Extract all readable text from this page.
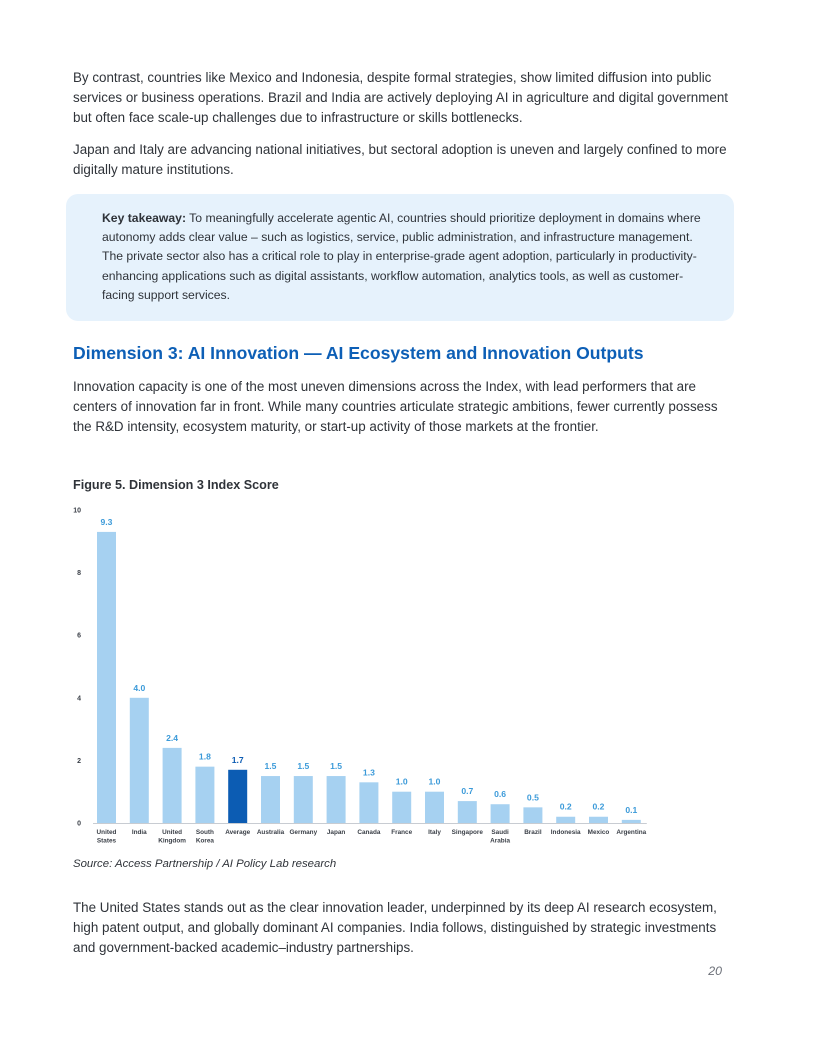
By contrast, countries like Mexico and Indonesia, despite formal strategies, show limited diffusion into public services or business operations. Brazil and India are actively deploying AI in agriculture and digital government but often face scale-up challenges due to infrastructure or skills bottlenecks.

Japan and Italy are advancing national initiatives, but sectoral adoption is uneven and largely confined to more digitally mature institutions.

Key takeaway: To meaningfully accelerate agentic AI, countries should prioritize deployment in domains where autonomy adds clear value – such as logistics, service, public administration, and infrastructure management. The private sector also has a critical role to play in enterprise-grade agent adoption, particularly in productivity-enhancing applications such as digital assistants, workflow automation, analytics tools, as well as customer-facing support services.

Dimension 3: AI Innovation — AI Ecosystem and Innovation Outputs

Innovation capacity is one of the most uneven dimensions across the Index, with lead performers that are centers of innovation far in front. While many countries articulate strategic ambitions, fewer currently possess the R&D intensity, ecosystem maturity, or start-up activity of those markets at the frontier.

Figure 5. Dimension 3 Index Score

0
2
4
6
8
10
9.3
United States
4.0
India
2.4
United Kingdom
1.8
South Korea
1.7
Average
1.5
Australia
1.5
Germany
1.5
Japan
1.3
Canada
1.0
France
1.0
Italy
0.7
Singapore
0.6
Saudi Arabia
0.5
Brazil
0.2
Indonesia
0.2
Mexico
0.1
Argentina

Source: Access Partnership / AI Policy Lab research

The United States stands out as the clear innovation leader, underpinned by its deep AI research ecosystem, high patent output, and globally dominant AI companies. India follows, distinguished by strategic investments and government-backed academic–industry partnerships.

20
